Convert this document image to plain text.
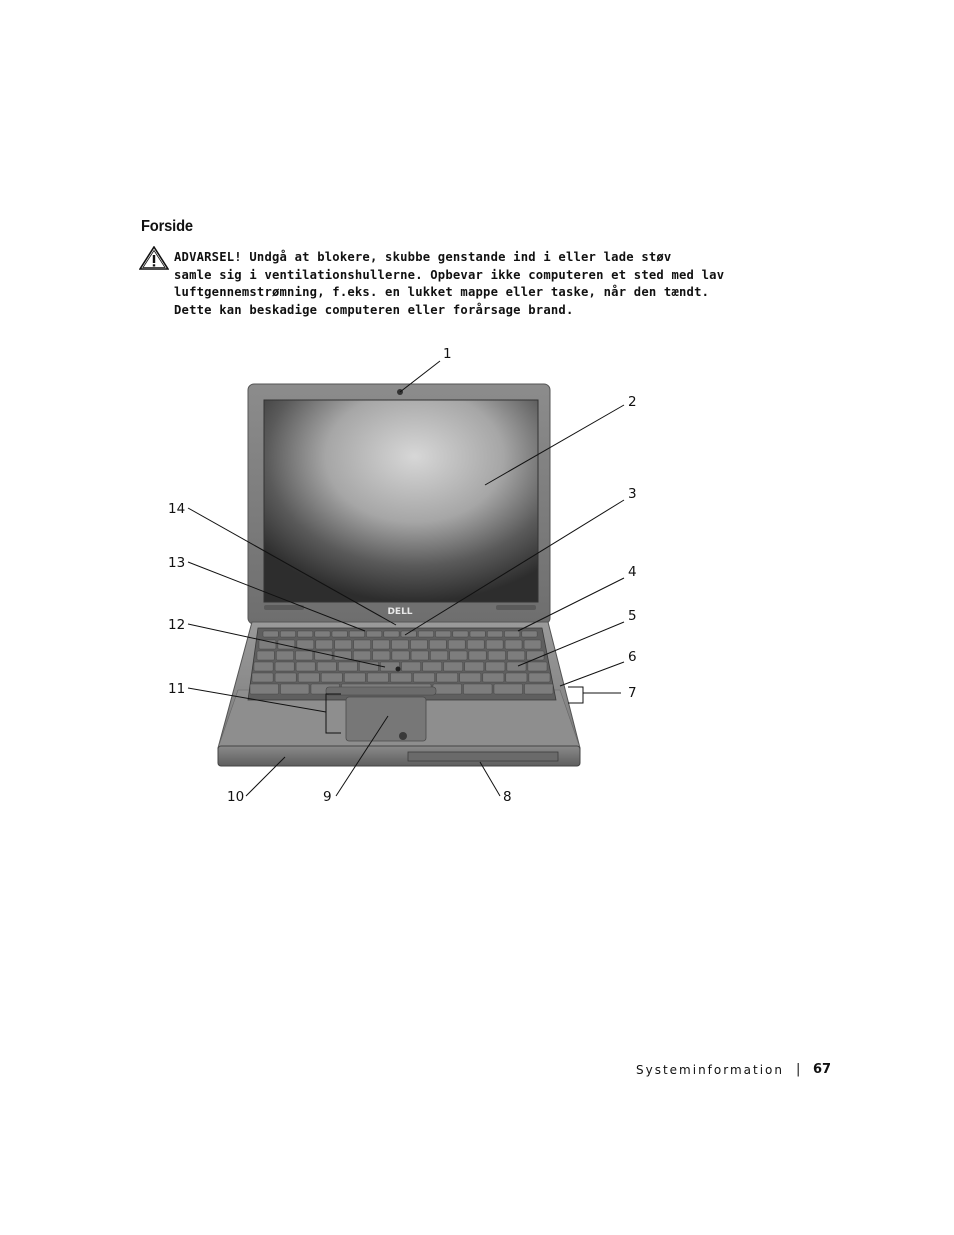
Forside
ADVARSEL! Undgå at blokere, skubbe genstande ind i eller lade støv
samle sig i ventilationshullerne. Opbevar ikke computeren et sted med lav
luftgennemstrømning, f.eks. en lukket mappe eller taske, når den tændt.
Dette kan beskadige computeren eller forårsage brand.
DELL
1
2
3
4
5
6
7
8
9
10
11
12
13
14
Systeminformation | 67
